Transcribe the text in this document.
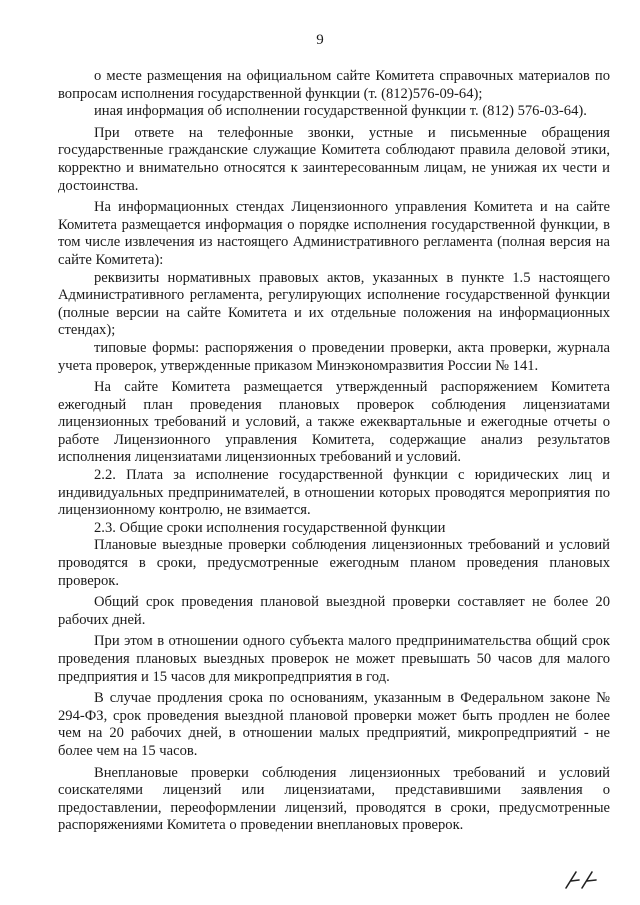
9

о месте размещения на официальном сайте Комитета справочных материалов по вопросам исполнения государственной функции (т. (812)576-09-64);

иная информация об исполнении государственной функции т. (812) 576-03-64).

При ответе на телефонные звонки, устные и письменные обращения государственные гражданские служащие Комитета соблюдают правила деловой этики, корректно и внимательно относятся к заинтересованным лицам, не унижая их чести и достоинства.

На информационных стендах Лицензионного управления Комитета и на сайте Комитета размещается информация о порядке исполнения государственной функции, в том числе извлечения из настоящего Административного регламента (полная версия на сайте Комитета):

реквизиты нормативных правовых актов, указанных в пункте 1.5 настоящего Административного регламента, регулирующих исполнение государственной функции (полные версии на сайте Комитета и их отдельные положения на информационных стендах);

типовые формы: распоряжения о проведении проверки, акта проверки, журнала учета проверок, утвержденные приказом Минэкономразвития России № 141.

На сайте Комитета размещается утвержденный распоряжением Комитета ежегодный план проведения плановых проверок соблюдения лицензиатами лицензионных требований и условий, а также ежеквартальные и ежегодные отчеты о работе Лицензионного управления Комитета, содержащие анализ результатов исполнения лицензиатами лицензионных требований и условий.

2.2. Плата за исполнение государственной функции с юридических лиц и индивидуальных предпринимателей, в отношении которых проводятся мероприятия по лицензионному контролю, не взимается.

2.3. Общие сроки исполнения государственной функции

Плановые выездные проверки соблюдения лицензионных требований и условий проводятся в сроки, предусмотренные ежегодным планом проведения плановых проверок.

Общий срок проведения плановой выездной проверки составляет не более 20 рабочих дней.

При этом в отношении одного субъекта малого предпринимательства общий срок проведения плановых выездных проверок не может превышать 50 часов для малого предприятия и 15 часов для микропредприятия в год.

В случае продления срока по основаниям, указанным в Федеральном законе № 294-ФЗ, срок проведения выездной плановой проверки может быть продлен не более чем на 20 рабочих дней, в отношении малых предприятий, микропредприятий - не более чем на 15 часов.

Внеплановые проверки соблюдения лицензионных требований и условий соискателями лицензий или лицензиатами, представившими заявления о предоставлении, переоформлении лицензий, проводятся в сроки, предусмотренные распоряжениями Комитета о проведении внеплановых проверок.
